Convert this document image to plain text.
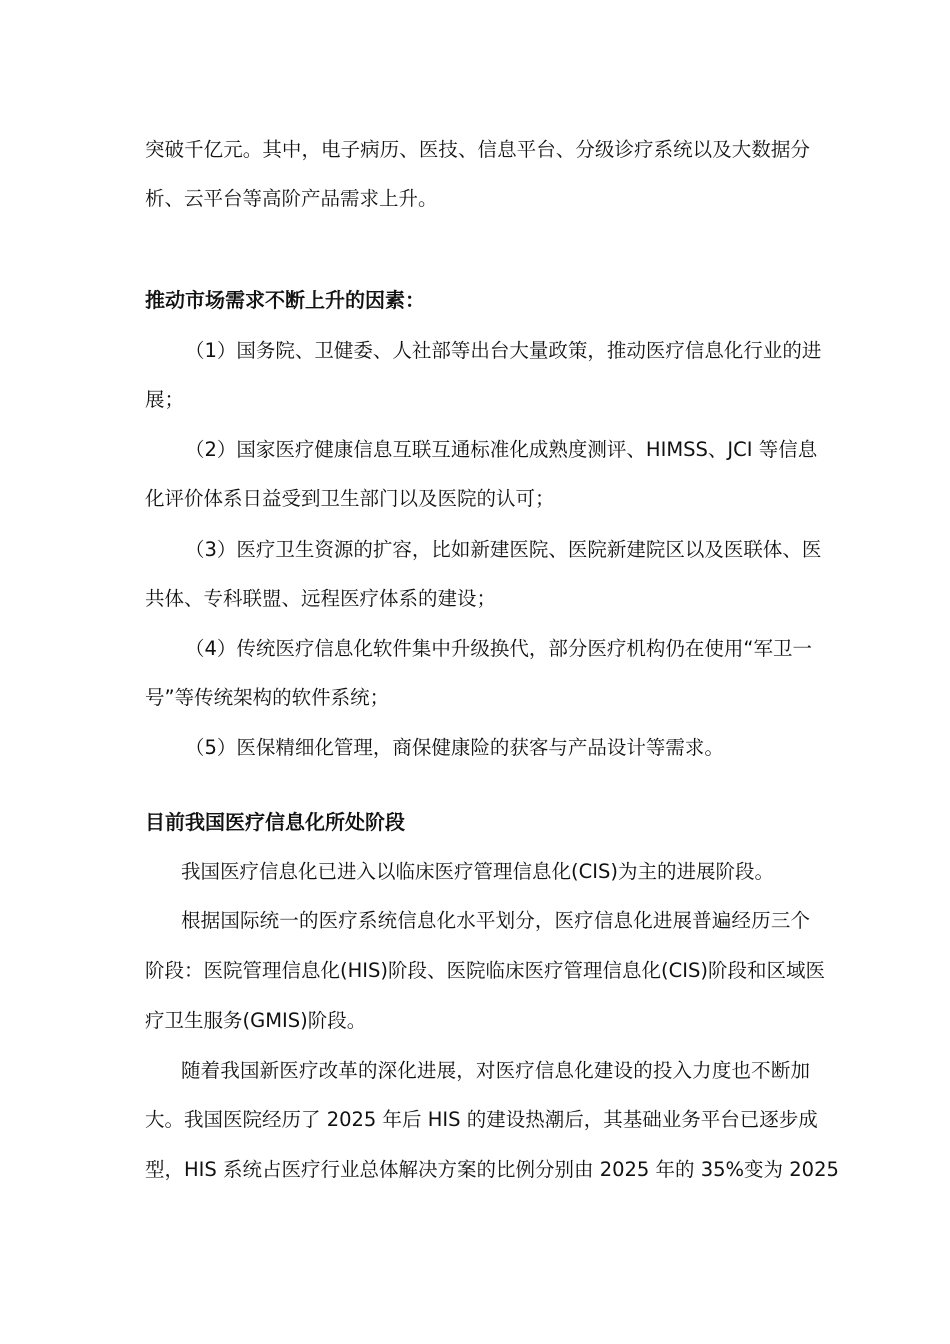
突破千亿元。其中，电子病历、医技、信息平台、分级诊疗系统以及大数据分
析、云平台等高阶产品需求上升。
推动市场需求不断上升的因素：
（1）国务院、卫健委、人社部等出台大量政策，推动医疗信息化行业的进
展；
（2）国家医疗健康信息互联互通标准化成熟度测评、HIMSS、JCI 等信息
化评价体系日益受到卫生部门以及医院的认可；
（3）医疗卫生资源的扩容，比如新建医院、医院新建院区以及医联体、医
共体、专科联盟、远程医疗体系的建设；
（4）传统医疗信息化软件集中升级换代，部分医疗机构仍在使用“军卫一
号”等传统架构的软件系统；
（5）医保精细化管理，商保健康险的获客与产品设计等需求。
目前我国医疗信息化所处阶段
我国医疗信息化已进入以临床医疗管理信息化(CIS)为主的进展阶段。
根据国际统一的医疗系统信息化水平划分，医疗信息化进展普遍经历三个
阶段：医院管理信息化(HIS)阶段、医院临床医疗管理信息化(CIS)阶段和区域医
疗卫生服务(GMIS)阶段。
随着我国新医疗改革的深化进展，对医疗信息化建设的投入力度也不断加
大。我国医院经历了 2025 年后 HIS 的建设热潮后，其基础业务平台已逐步成
型，HIS 系统占医疗行业总体解决方案的比例分别由 2025 年的 35%变为 2025
